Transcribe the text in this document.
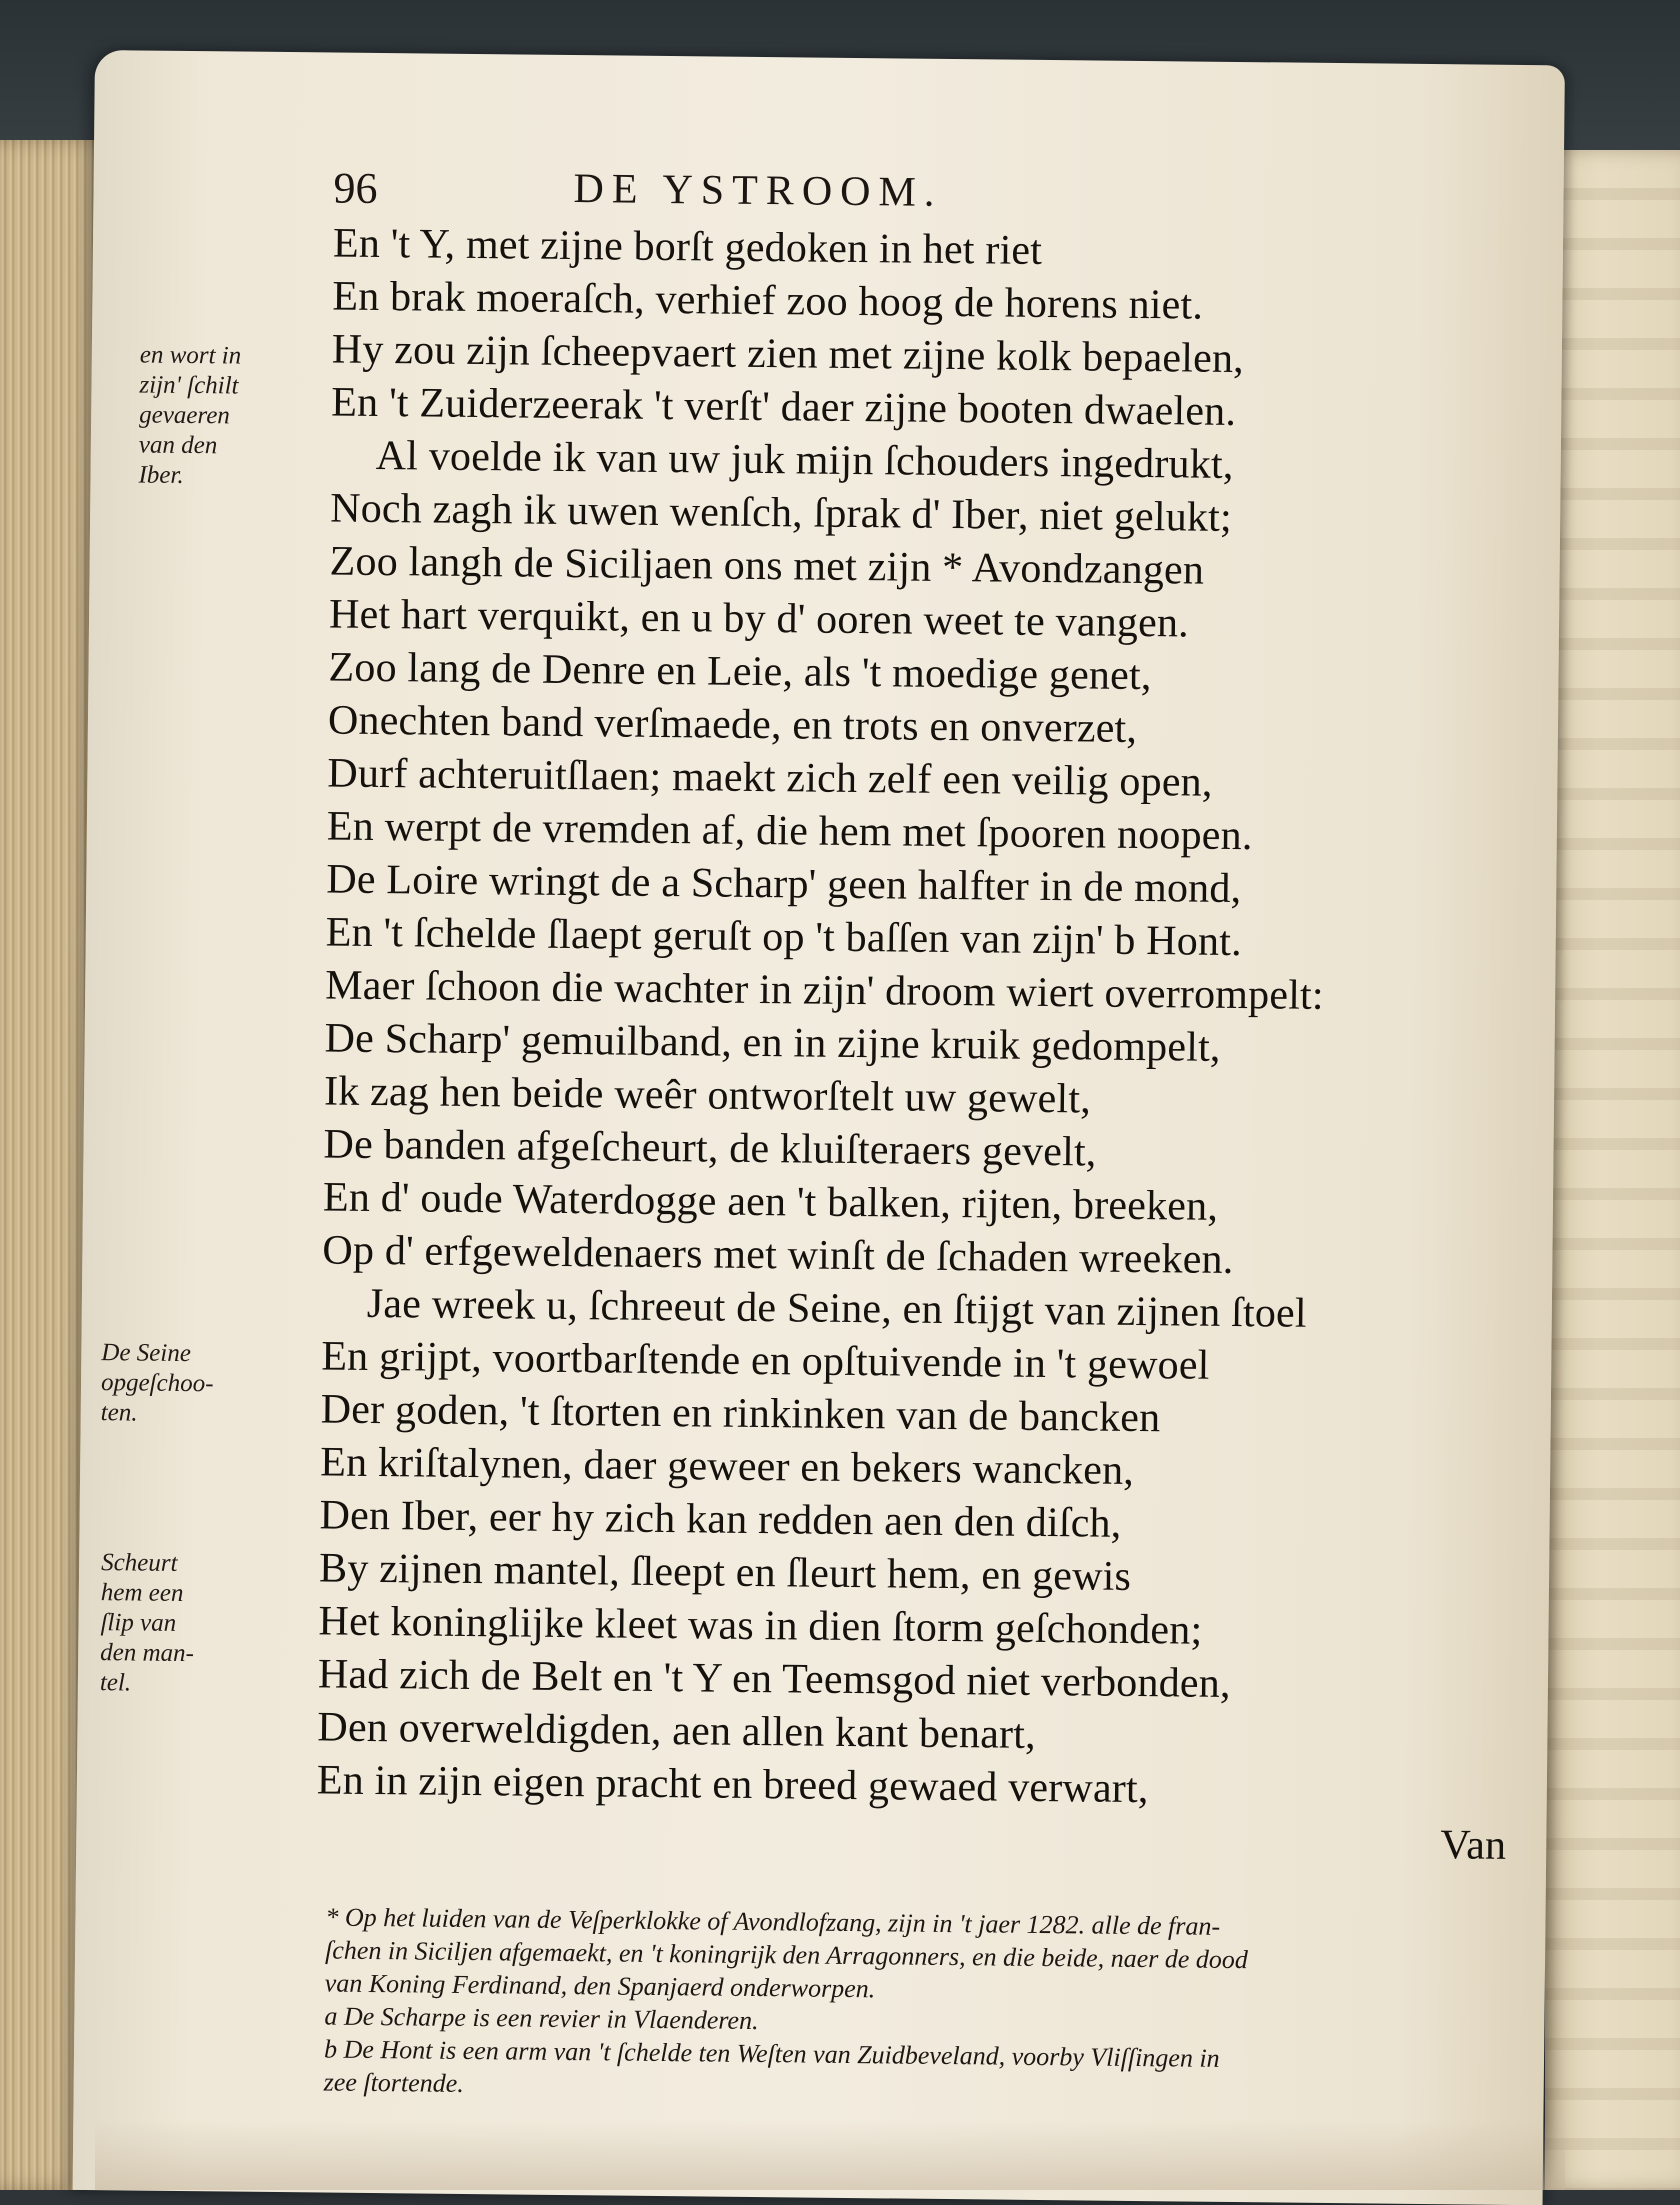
96	DE YSTROOM.
en wort in
zijn' ſchilt
gevaeren
van den
Iber.
De Seine
opgeſchoo-
ten.
Scheurt
hem een
ſlip van
den man-
tel.
En 't Y, met zijne borſt gedoken in het riet
En brak moeraſch, verhief zoo hoog de horens niet.
Hy zou zijn ſcheepvaert zien met zijne kolk bepaelen,
En 't Zuiderzeerak 't verſt' daer zijne booten dwaelen.
Al voelde ik van uw juk mijn ſchouders ingedrukt,
Noch zagh ik uwen wenſch, ſprak d' Iber, niet gelukt;
Zoo langh de Siciljaen ons met zijn * Avondzangen
Het hart verquikt, en u by d' ooren weet te vangen.
Zoo lang de Denre en Leie, als 't moedige genet,
Onechten band verſmaede, en trots en onverzet,
Durf achteruitſlaen; maekt zich zelf een veilig open,
En werpt de vremden af, die hem met ſpooren noopen.
De Loire wringt de a Scharp' geen halfter in de mond,
En 't ſchelde ſlaept geruſt op 't baſſen van zijn' b Hont.
Maer ſchoon die wachter in zijn' droom wiert overrompelt:
De Scharp' gemuilband, en in zijne kruik gedompelt,
Ik zag hen beide weêr ontworſtelt uw gewelt,
De banden afgeſcheurt, de kluiſteraers gevelt,
En d' oude Waterdogge aen 't balken, rijten, breeken,
Op d' erfgeweldenaers met winſt de ſchaden wreeken.
Jae wreek u, ſchreeut de Seine, en ſtijgt van zijnen ſtoel
En grijpt, voortbarſtende en opſtuivende in 't gewoel
Der goden, 't ſtorten en rinkinken van de bancken
En kriſtalynen, daer geweer en bekers wancken,
Den Iber, eer hy zich kan redden aen den diſch,
By zijnen mantel, ſleept en ſleurt hem, en gewis
Het koninglijke kleet was in dien ſtorm geſchonden;
Had zich de Belt en 't Y en Teemsgod niet verbonden,
Den overweldigden, aen allen kant benart,
En in zijn eigen pracht en breed gewaed verwart,
Van
* Op het luiden van de Veſperklokke of Avondlofzang, zijn in 't jaer 1282. alle de fran-
ſchen in Siciljen afgemaekt, en 't koningrijk den Arragonners, en die beide, naer de dood
van Koning Ferdinand, den Spanjaerd onderworpen.
a De Scharpe is een revier in Vlaenderen.
b De Hont is een arm van 't ſchelde ten Weſten van Zuidbeveland, voorby Vliſſingen in
zee ſtortende.
